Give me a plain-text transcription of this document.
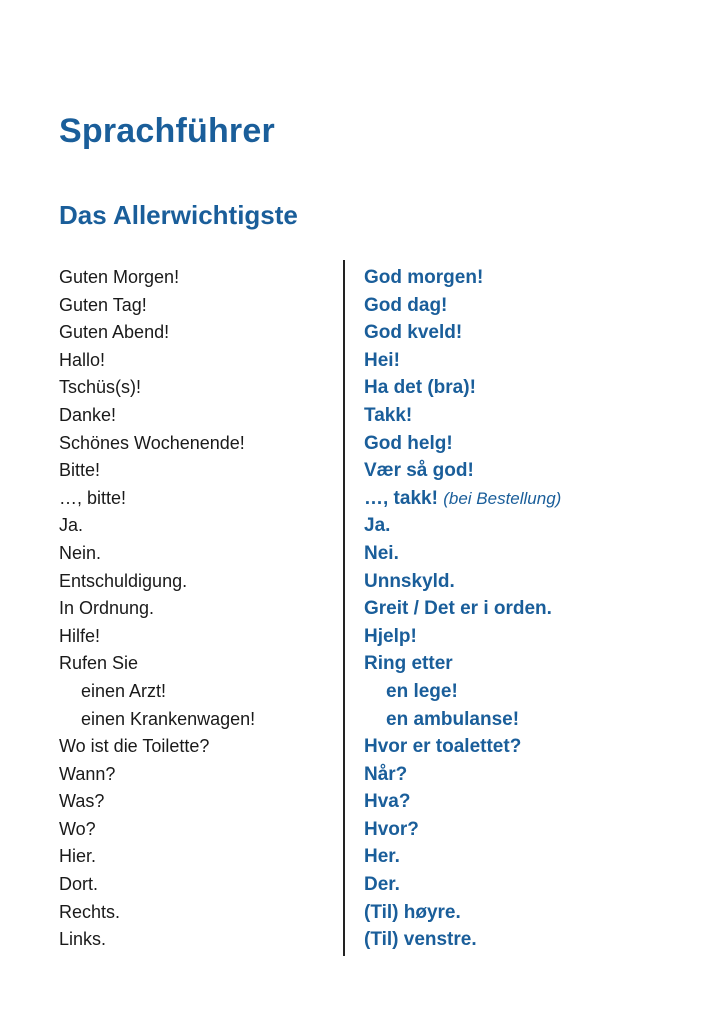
Sprachführer
Das Allerwichtigste
Guten Morgen!
Guten Tag!
Guten Abend!
Hallo!
Tschüs(s)!
Danke!
Schönes Wochenende!
Bitte!
…, bitte!
Ja.
Nein.
Entschuldigung.
In Ordnung.
Hilfe!
Rufen Sie
einen Arzt!
einen Krankenwagen!
Wo ist die Toilette?
Wann?
Was?
Wo?
Hier.
Dort.
Rechts.
Links.
God morgen!
God dag!
God kveld!
Hei!
Ha det (bra)!
Takk!
God helg!
Vær så god!
…, takk! (bei Bestellung)
Ja.
Nei.
Unnskyld.
Greit / Det er i orden.
Hjelp!
Ring etter
en lege!
en ambulanse!
Hvor er toalettet?
Når?
Hva?
Hvor?
Her.
Der.
(Til) høyre.
(Til) venstre.
